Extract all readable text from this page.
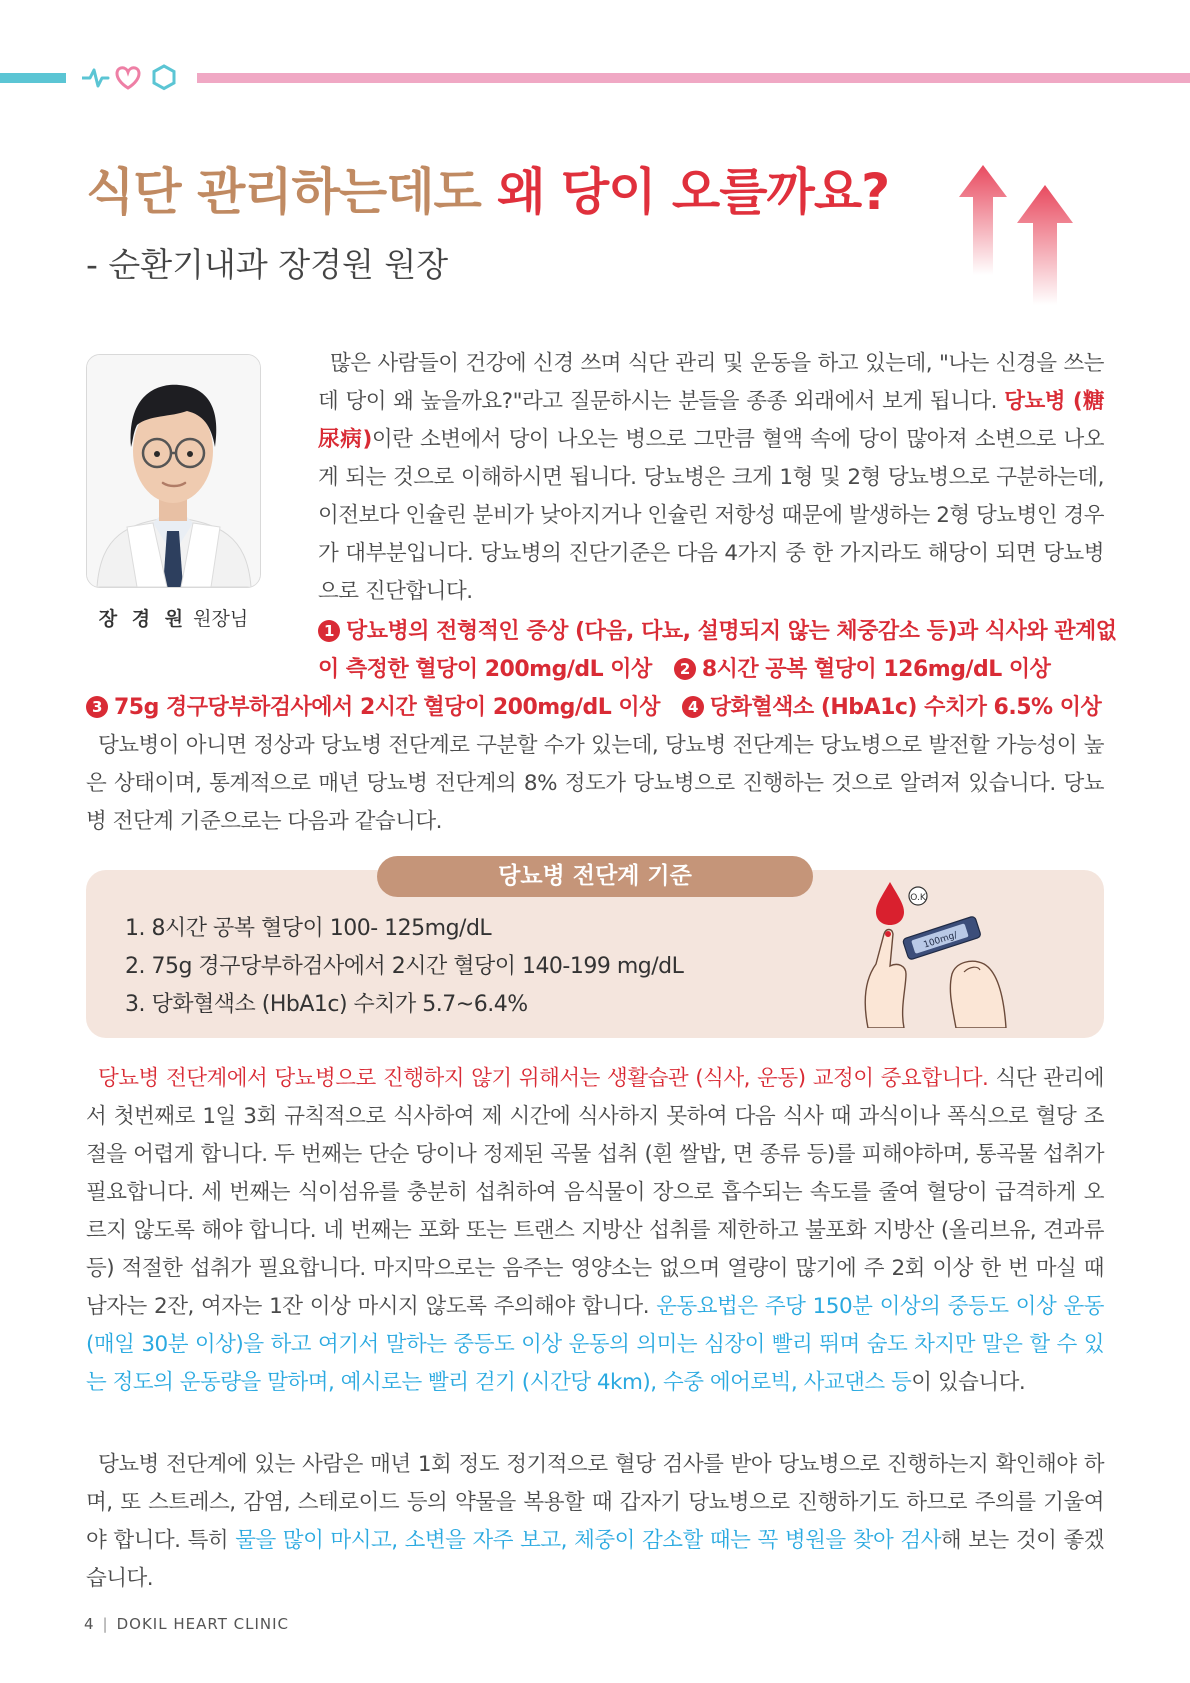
식단 관리하는데도 왜 당이 오를까요?
- 순환기내과 장경원 원장
장 경 원 원장님
많은 사람들이 건강에 신경 쓰며 식단 관리 및 운동을 하고 있는데, "나는 신경을 쓰는데 당이 왜 높을까요?"라고 질문하시는 분들을 종종 외래에서 보게 됩니다. 당뇨병 (糖尿病)이란 소변에서 당이 나오는 병으로 그만큼 혈액 속에 당이 많아져 소변으로 나오게 되는 것으로 이해하시면 됩니다. 당뇨병은 크게 1형 및 2형 당뇨병으로 구분하는데, 이전보다 인슐린 분비가 낮아지거나 인슐린 저항성 때문에 발생하는 2형 당뇨병인 경우가 대부분입니다. 당뇨병의 진단기준은 다음 4가지 중 한 가지라도 해당이 되면 당뇨병으로 진단합니다.
1 당뇨병의 전형적인 증상 (다음, 다뇨, 설명되지 않는 체중감소 등)과 식사와 관계없
이 측정한 혈당이 200mg/dL 이상 2 8시간 공복 혈당이 126mg/dL 이상
3 75g 경구당부하검사에서 2시간 혈당이 200mg/dL 이상 4 당화혈색소 (HbA1c) 수치가 6.5% 이상
당뇨병이 아니면 정상과 당뇨병 전단계로 구분할 수가 있는데, 당뇨병 전단계는 당뇨병으로 발전할 가능성이 높은 상태이며, 통계적으로 매년 당뇨병 전단계의 8% 정도가 당뇨병으로 진행하는 것으로 알려져 있습니다. 당뇨병 전단계 기준으로는 다음과 같습니다.
당뇨병 전단계 기준
1. 8시간 공복 혈당이 100- 125mg/dL
2. 75g 경구당부하검사에서 2시간 혈당이 140-199 mg/dL
3. 당화혈색소 (HbA1c) 수치가 5.7~6.4%
O.K
100mg/
당뇨병 전단계에서 당뇨병으로 진행하지 않기 위해서는 생활습관 (식사, 운동) 교정이 중요합니다. 식단 관리에서 첫번째로 1일 3회 규칙적으로 식사하여 제 시간에 식사하지 못하여 다음 식사 때 과식이나 폭식으로 혈당 조절을 어렵게 합니다. 두 번째는 단순 당이나 정제된 곡물 섭취 (흰 쌀밥, 면 종류 등)를 피해야하며, 통곡물 섭취가 필요합니다. 세 번째는 식이섬유를 충분히 섭취하여 음식물이 장으로 흡수되는 속도를 줄여 혈당이 급격하게 오르지 않도록 해야 합니다. 네 번째는 포화 또는 트랜스 지방산 섭취를 제한하고 불포화 지방산 (올리브유, 견과류 등) 적절한 섭취가 필요합니다. 마지막으로는 음주는 영양소는 없으며 열량이 많기에 주 2회 이상 한 번 마실 때 남자는 2잔, 여자는 1잔 이상 마시지 않도록 주의해야 합니다. 운동요법은 주당 150분 이상의 중등도 이상 운동 (매일 30분 이상)을 하고 여기서 말하는 중등도 이상 운동의 의미는 심장이 빨리 뛰며 숨도 차지만 말은 할 수 있는 정도의 운동량을 말하며, 예시로는 빨리 걷기 (시간당 4km), 수중 에어로빅, 사교댄스 등이 있습니다.
당뇨병 전단계에 있는 사람은 매년 1회 정도 정기적으로 혈당 검사를 받아 당뇨병으로 진행하는지 확인해야 하며, 또 스트레스, 감염, 스테로이드 등의 약물을 복용할 때 갑자기 당뇨병으로 진행하기도 하므로 주의를 기울여야 합니다. 특히 물을 많이 마시고, 소변을 자주 보고, 체중이 감소할 때는 꼭 병원을 찾아 검사해 보는 것이 좋겠습니다.
4 | DOKIL HEART CLINIC
